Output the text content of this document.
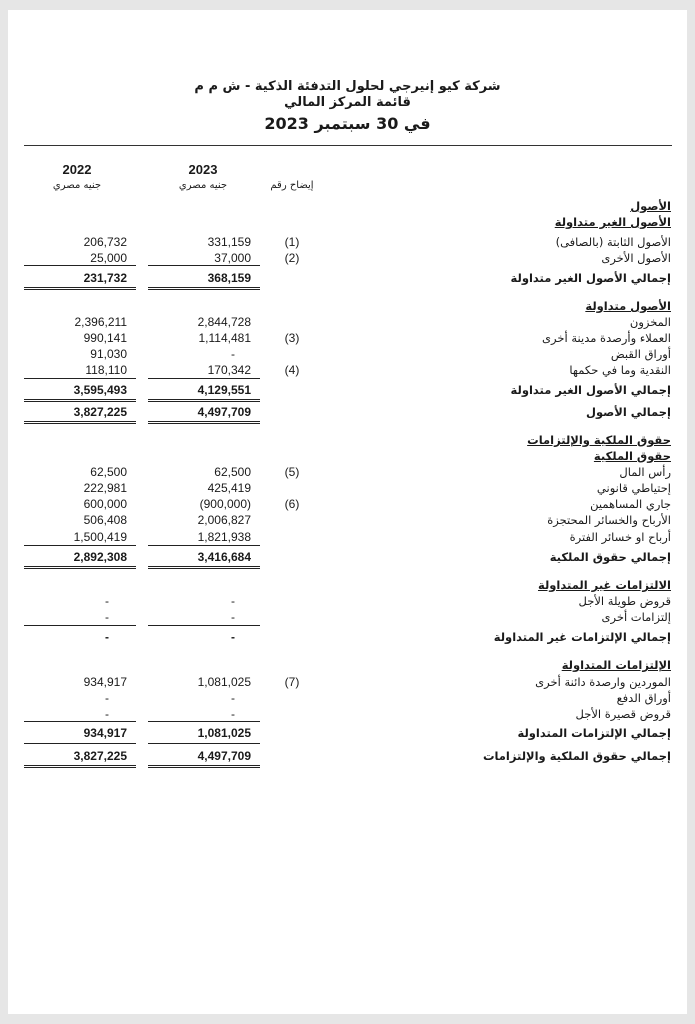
شركة كيو إنيرجي لحلول التدفئة الذكية - ش م م
قائمة المركز المالي
في 30 سبتمبر 2023
2023
2022
جنيه مصري
جنيه مصري	إيضاح رقم
الأصول
الأصول الغير متداولة
الأصول الثابتة (بالصافى)
(1)
331,159
206,732
الأصول الأخرى
(2)
37,000
25,000
إجمالي الأصول الغير متداولة
368,159
231,732
الأصول متداولة
المخزون
2,844,728
2,396,211
العملاء وأرصدة مدينة أخرى
(3)
1,114,481
990,141
أوراق القبض
-
91,030
النقدية وما في حكمها
(4)
170,342
118,110
إجمالي الأصول الغير متداولة
4,129,551
3,595,493
إجمالي الأصول
4,497,709
3,827,225
حقوق الملكية والإلتزامات
حقوق الملكية
رأس المال
(5)
62,500
62,500
إحتياطي قانوني
425,419
222,981
جاري المساهمين
(6)
(900,000)
600,000
الأرباح والخسائر المحتجزة
2,006,827
506,408
أرباح او خسائر الفترة
1,821,938
1,500,419
إجمالي حقوق الملكية
3,416,684
2,892,308
الالتزامات غير المتداولة
قروض طويلة الأجل
-
-
إلتزامات أخرى
-
-
إجمالي الإلتزامات غير المتداولة
-
-
الإلتزامات المتداولة
الموردين وارصدة دائنة أخرى
(7)
1,081,025
934,917
أوراق الدفع
-
-
قروض قصيرة الأجل
-
-
إجمالي الإلتزامات المتداولة
1,081,025
934,917
إجمالي حقوق الملكية والإلتزامات
4,497,709
3,827,225
